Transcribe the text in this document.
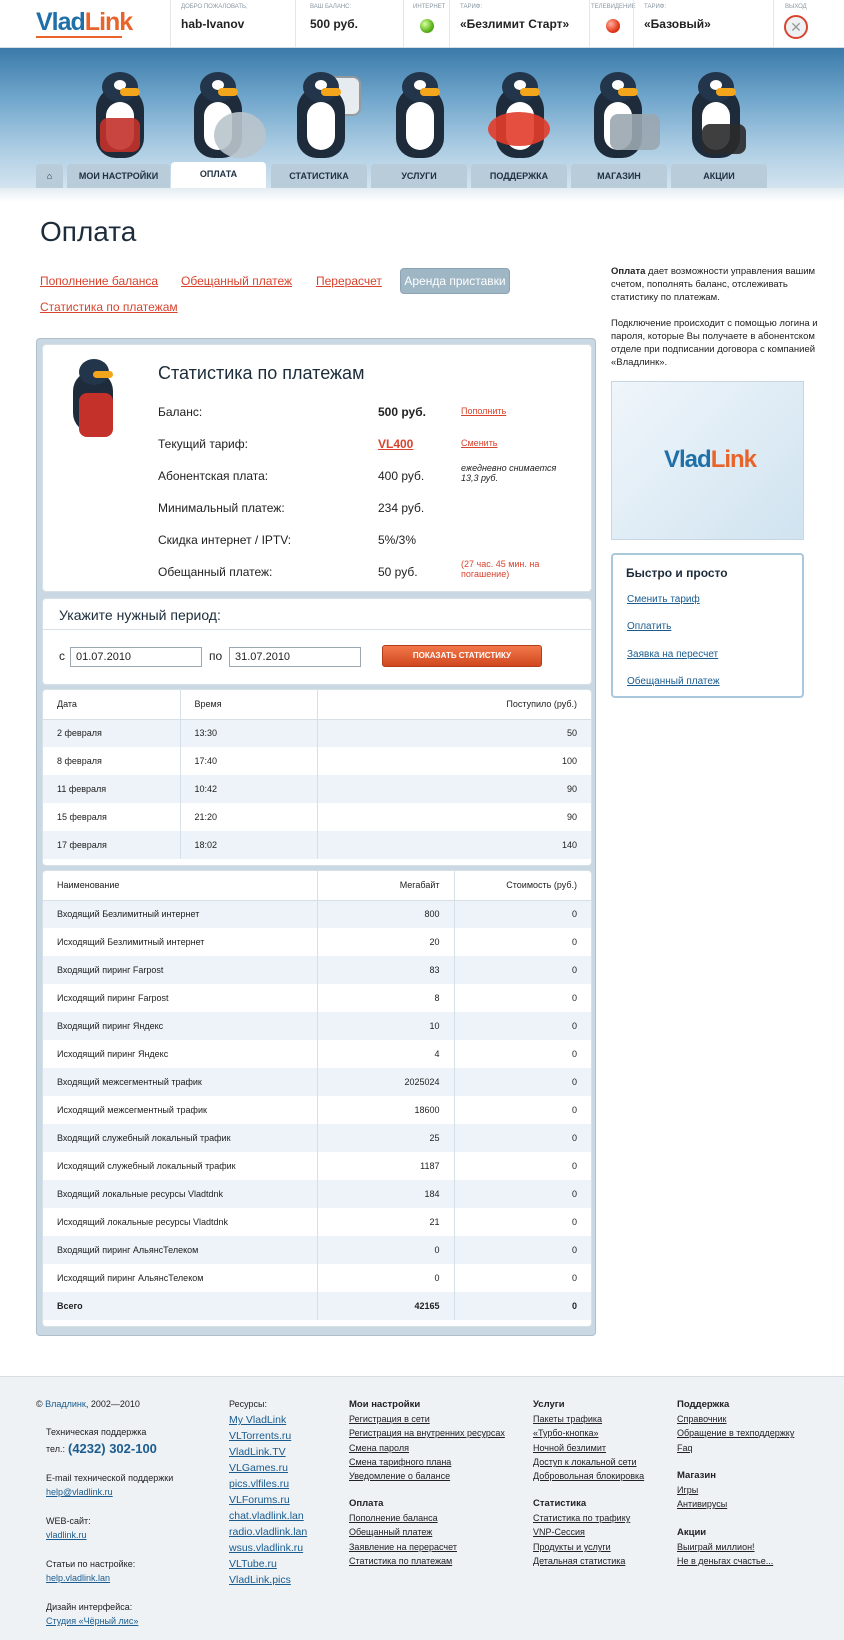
VladLink
ДОБРО ПОЖАЛОВАТЬ,
hab-Ivanov
ВАШ БАЛАНС:
500 руб.
ИНТЕРНЕТ ТАРИФ:
«Безлимит Старт»
ТЕЛЕВИДЕНИЕ ТАРИФ:
«Базовый»
ВЫХОД
✕
⌂	МОИ НАСТРОЙКИ	ОПЛАТА	СТАТИСТИКА	УСЛУГИ	ПОДДЕРЖКА	МАГАЗИН	АКЦИИ
Оплата
Пополнение баланса Обещанный платеж Перерасчет	Аренда приставки
Статистика по платежам
Статистика по платежам
Баланс:	500 руб.	Пополнить
Текущий тариф:	VL400	Сменить
Абонентская плата:	400 руб.
ежедневно снимается 13,3 руб.
Минимальный платеж:	234 руб.
Скидка интернет / IPTV:	5%/3%
Обещанный платеж:	50 руб.
(27 час. 45 мин. на погашение)
Укажите нужный период:
с
01.07.2010	по
31.07.2010	ПОКАЗАТЬ СТАТИСТИКУ
Дата	Время	Поступило (руб.)
2 февраля	13:30	50
8 февраля	17:40	100
11 февраля	10:42	90
15 февраля	21:20	90
17 февраля	18:02	140
Наименование	Мегабайт	Стоимость (руб.)
Входящий Безлимитный интернет	800	0
Исходящий Безлимитный интернет	20	0
Входящий пиринг Farpost	83	0
Исходящий пиринг Farpost	8	0
Входящий пиринг Яндекс	10	0
Исходящий пиринг Яндекс	4	0
Входящий межсегментный трафик	2025024	0
Исходящий межсегментный трафик	18600	0
Входящий служебный локальный трафик	25	0
Исходящий служебный локальный трафик	1187	0
Входящий локальные ресурсы Vladtdnk	184	0
Исходящий локальные ресурсы Vladtdnk	21	0
Входящий пиринг АльянсТелеком	0	0
Исходящий пиринг АльянсТелеком	0	0
Всего	42165	0

Оплата дает возможности управления вашим счетом, пополнять баланс, отслеживать статистику по платежам.

Подключение происходит с помощью логина и пароля, которые Вы получаете в абонентском отделе при подписании договора с компанией «Владлинк».

VladLink
Быстро и просто
Сменить тариф
Оплатить
Заявка на пересчет
Обещанный платеж
© Владлинк, 2002—2010
Техническая поддержка
тел.: (4232) 302-100
E-mail технической поддержки
help@vladlink.ru
WEB-сайт:
vladlink.ru
Статьи по настройке:
help.vladlink.lan
Дизайн интерфейса:
Студия «Чёрный лис»
Ресурсы:
My VladLink
VLTorrents.ru
VladLink.TV
VLGames.ru
pics.vlfiles.ru
VLForums.ru
chat.vladlink.lan
radio.vladlink.lan
wsus.vladlink.ru
VLTube.ru
VladLink.pics
Мои настройки
Регистрация в сети
Регистрация на внутренних ресурсах
Смена пароля
Смена тарифного плана
Уведомление о балансе
Оплата
Пополнение баланса
Обещанный платеж
Заявление на перерасчет
Статистика по платежам
Услуги
Пакеты трафика
«Турбо-кнопка»
Ночной безлимит
Доступ к локальной сети
Добровольная блокировка
Статистика
Статистика по трафику
VNP-Сессия
Продукты и услуги
Детальная статистика
Поддержка
Справочник
Обращение в техподдержку
Faq
Магазин
Игры
Антивирусы
Акции
Выиграй миллион!
Не в деньгах счастье...
